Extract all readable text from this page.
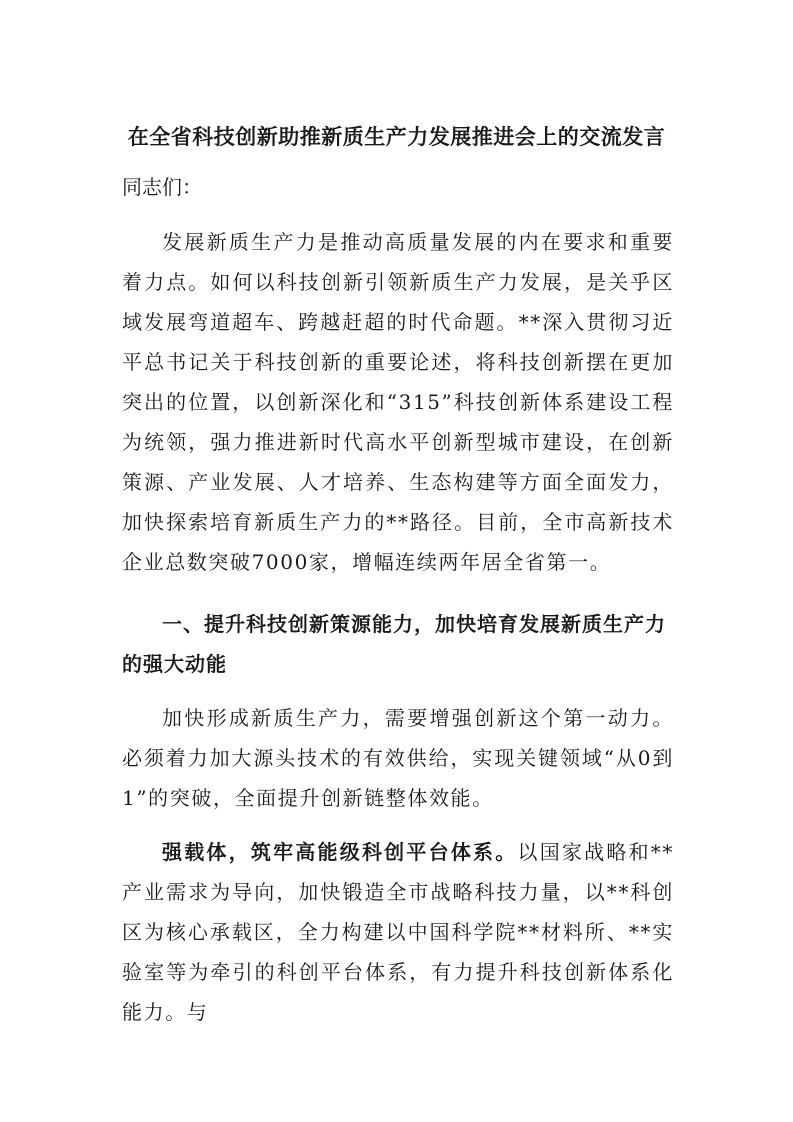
在全省科技创新助推新质生产力发展推进会上的交流发言
同志们：
发展新质生产力是推动高质量发展的内在要求和重要着力点。如何以科技创新引领新质生产力发展，是关乎区域发展弯道超车、跨越赶超的时代命题。**深入贯彻习近平总书记关于科技创新的重要论述，将科技创新摆在更加突出的位置，以创新深化和“315”科技创新体系建设工程为统领，强力推进新时代高水平创新型城市建设，在创新策源、产业发展、人才培养、生态构建等方面全面发力，加快探索培育新质生产力的**路径。目前，全市高新技术企业总数突破7000家，增幅连续两年居全省第一。
一、提升科技创新策源能力，加快培育发展新质生产力的强大动能
加快形成新质生产力，需要增强创新这个第一动力。必须着力加大源头技术的有效供给，实现关键领域“从0到1”的突破，全面提升创新链整体效能。
强载体，筑牢高能级科创平台体系。以国家战略和**产业需求为导向，加快锻造全市战略科技力量，以**科创区为核心承载区，全力构建以中国科学院**材料所、**实验室等为牵引的科创平台体系，有力提升科技创新体系化能力。与
